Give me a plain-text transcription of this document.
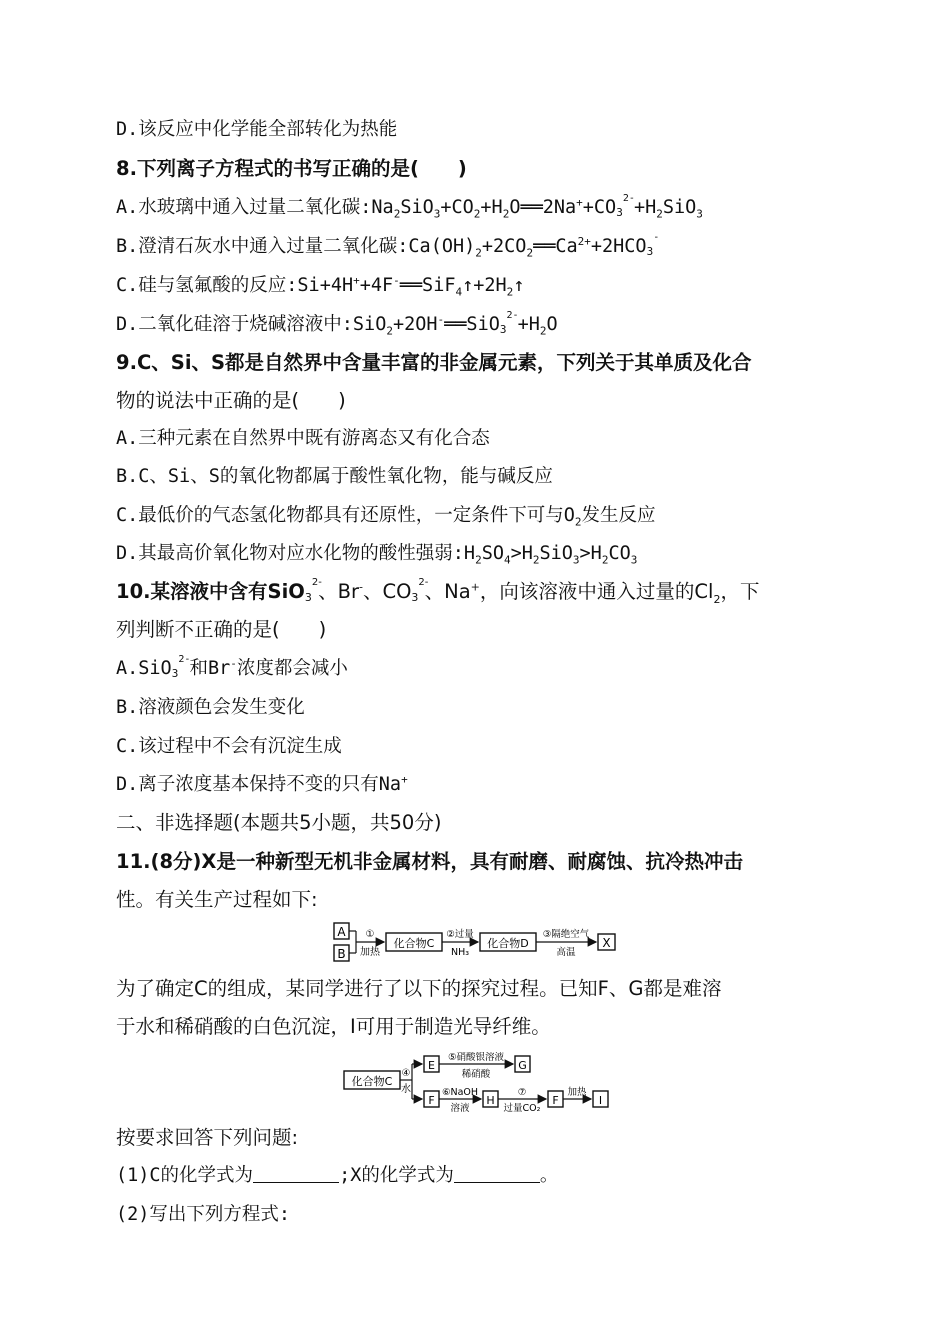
D.该反应中化学能全部转化为热能
8.下列离子方程式的书写正确的是(　　)
A.水玻璃中通入过量二氧化碳$:Na_2SiO_3+CO_2+H_2O══2Na^++CO$ 2-
$3 +H_2SiO_3$
B.澄清石灰水中通入过量二氧化碳$:Ca(OH)_2+2CO_2══Ca^{2+}+2HCO$ -
3
C.硅与氢氟酸的反应$:Si+4H^++4F^-══SiF_4↑+2H_2↑$
D.二氧化硅溶于烧碱溶液中:SiO$_2$+2OH-══SiO 2-
$3 +H_2O$
9.C、Si、S都是自然界中含量丰富的非金属元素，下列关于其单质及化合
物的说法中正确的是(　　)
A.三种元素在自然界中既有游离态又有化合态
B.C、Si、S的氧化物都属于酸性氧化物，能与碱反应
C.最低价的气态氢化物都具有还原性，一定条件下可与$O_2$发生反应
D.其最高价氧化物对应水化物的酸性强弱$:H_2SO_4>H_2SiO_3>H_2CO_3$
10.某溶液中含有SiO 2-
3 、Br-、CO 2-
3 、Na+，向该溶液中通入过量的$Cl_2$，下
列判断不正确的是(　　)
A.SiO 2-
3 和Br-浓度都会减小
B.溶液颜色会发生变化
C.该过程中不会有沉淀生成
D.离子浓度基本保持不变的只有Na+
二、非选择题(本题共5小题，共50分)
11.(8分)X是一种新型无机非金属材料，具有耐磨、耐腐蚀、抗冷热冲击
性。有关生产过程如下:
A
B
①
加热
化合物C
②过量
NH₃
化合物D
③隔绝空气
高温
X
为了确定C的组成，某同学进行了以下的探究过程。已知F、G都是难溶
于水和稀硝酸的白色沉淀，I可用于制造光导纤维。
化合物C
④
水
E
⑤硝酸银溶液
稀硝酸
G
F
⑥NaOH
溶液
H
⑦
过量CO₂
F
加热
I
按要求回答下列问题:
(1)C的化学式为	;X的化学式为	。
(2)写出下列方程式:
